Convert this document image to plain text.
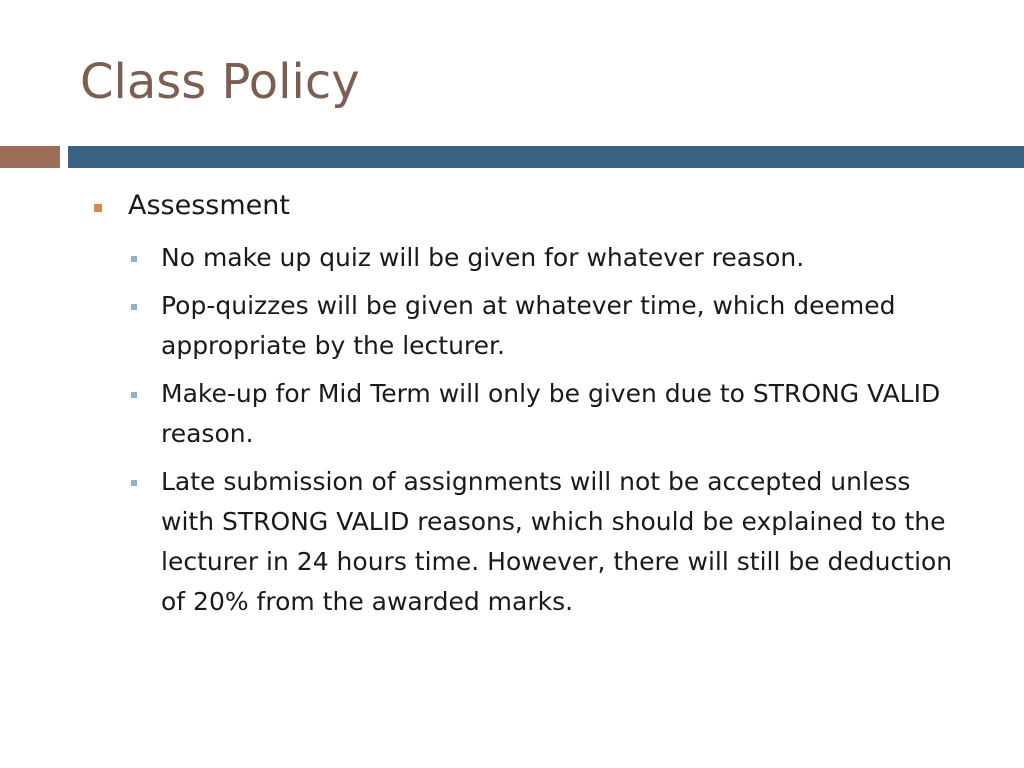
Class Policy
Assessment
No make up quiz will be given for whatever reason.
Pop-quizzes will be given at whatever time, which deemed appropriate by the lecturer.
Make-up for Mid Term will only be given due to STRONG VALID reason.
Late submission of assignments will not be accepted unless with STRONG VALID reasons, which should be explained to the lecturer in 24 hours time. However, there will still be deduction of 20% from the awarded marks.
